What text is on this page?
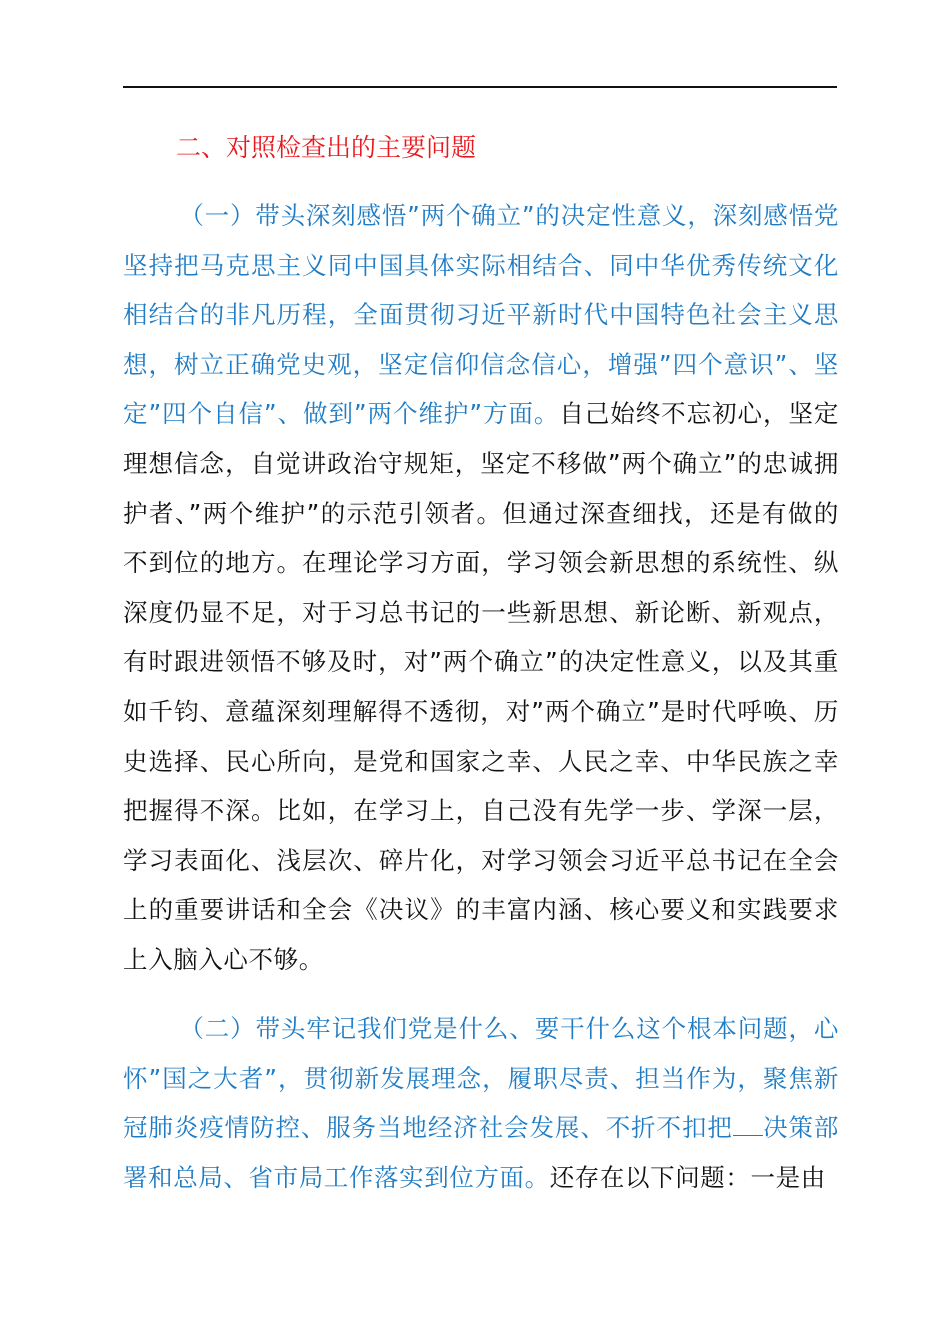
二、对照检查出的主要问题

（一）带头深刻感悟”两个确立”的决定性意义，深刻感悟党坚持把马克思主义同中国具体实际相结合、同中华优秀传统文化相结合的非凡历程，全面贯彻习近平新时代中国特色社会主义思想，树立正确党史观，坚定信仰信念信心，增强”四个意识”、坚定”四个自信”、做到”两个维护”方面。自己始终不忘初心，坚定理想信念，自觉讲政治守规矩，坚定不移做”两个确立”的忠诚拥护者、”两个维护”的示范引领者。但通过深查细找，还是有做的不到位的地方。在理论学习方面，学习领会新思想的系统性、纵深度仍显不足，对于习总书记的一些新思想、新论断、新观点，有时跟进领悟不够及时，对”两个确立”的决定性意义，以及其重如千钧、意蕴深刻理解得不透彻，对”两个确立”是时代呼唤、历史选择、民心所向，是党和国家之幸、人民之幸、中华民族之幸把握得不深。比如，在学习上，自己没有先学一步、学深一层，学习表面化、浅层次、碎片化，对学习领会习近平总书记在全会上的重要讲话和全会《决议》的丰富内涵、核心要义和实践要求上入脑入心不够。

（二）带头牢记我们党是什么、要干什么这个根本问题，心怀”国之大者”，贯彻新发展理念，履职尽责、担当作为，聚焦新冠肺炎疫情防控、服务当地经济社会发展、不折不扣把 决策部署和总局、省市局工作落实到位方面。还存在以下问题：一是由
